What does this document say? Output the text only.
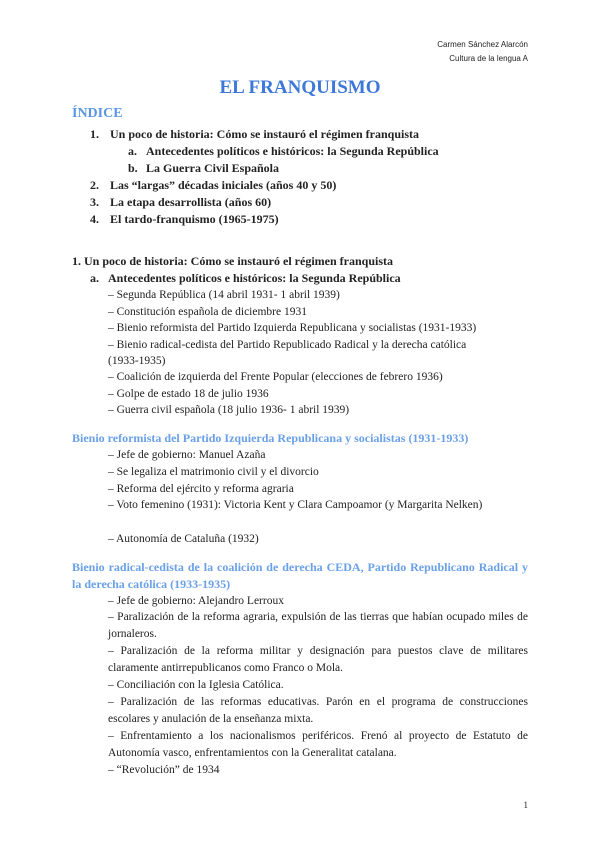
Carmen Sánchez Alarcón
Cultura de la lengua A
EL FRANQUISMO
ÍNDICE
1. Un poco de historia: Cómo se instauró el régimen franquista
a. Antecedentes políticos e históricos: la Segunda República
b. La Guerra Civil Española
2. Las “largas” décadas iniciales (años 40 y 50)
3. La etapa desarrollista (años 60)
4. El tardo-franquismo (1965-1975)
1. Un poco de historia: Cómo se instauró el régimen franquista
a. Antecedentes políticos e históricos: la Segunda República
– Segunda República (14 abril 1931- 1 abril 1939)
– Constitución española de diciembre 1931
– Bienio reformista del Partido Izquierda Republicana y socialistas (1931-1933)
– Bienio radical-cedista del Partido Republicado Radical y la derecha católica
(1933-1935)
– Coalición de izquierda del Frente Popular (elecciones de febrero 1936)
– Golpe de estado 18 de julio 1936
– Guerra civil española (18 julio 1936- 1 abril 1939)
Bienio reformista del Partido Izquierda Republicana y socialistas (1931-1933)
– Jefe de gobierno: Manuel Azaña
– Se legaliza el matrimonio civil y el divorcio
– Reforma del ejército y reforma agraria
– Voto femenino (1931): Victoria Kent y Clara Campoamor (y Margarita Nelken)
– Autonomía de Cataluña (1932)
Bienio radical-cedista de la coalición de derecha CEDA, Partido Republicano Radical y la derecha católica (1933-1935)
– Jefe de gobierno: Alejandro Lerroux
– Paralización de la reforma agraria, expulsión de las tierras que habían ocupado miles de jornaleros.
– Paralización de la reforma militar y designación para puestos clave de militares claramente antirrepublicanos como Franco o Mola.
– Conciliación con la Iglesia Católica.
– Paralización de las reformas educativas. Parón en el programa de construcciones escolares y anulación de la enseñanza mixta.
– Enfrentamiento a los nacionalismos periféricos. Frenó al proyecto de Estatuto de Autonomía vasco, enfrentamientos con la Generalitat catalana.
– “Revolución” de 1934
1
